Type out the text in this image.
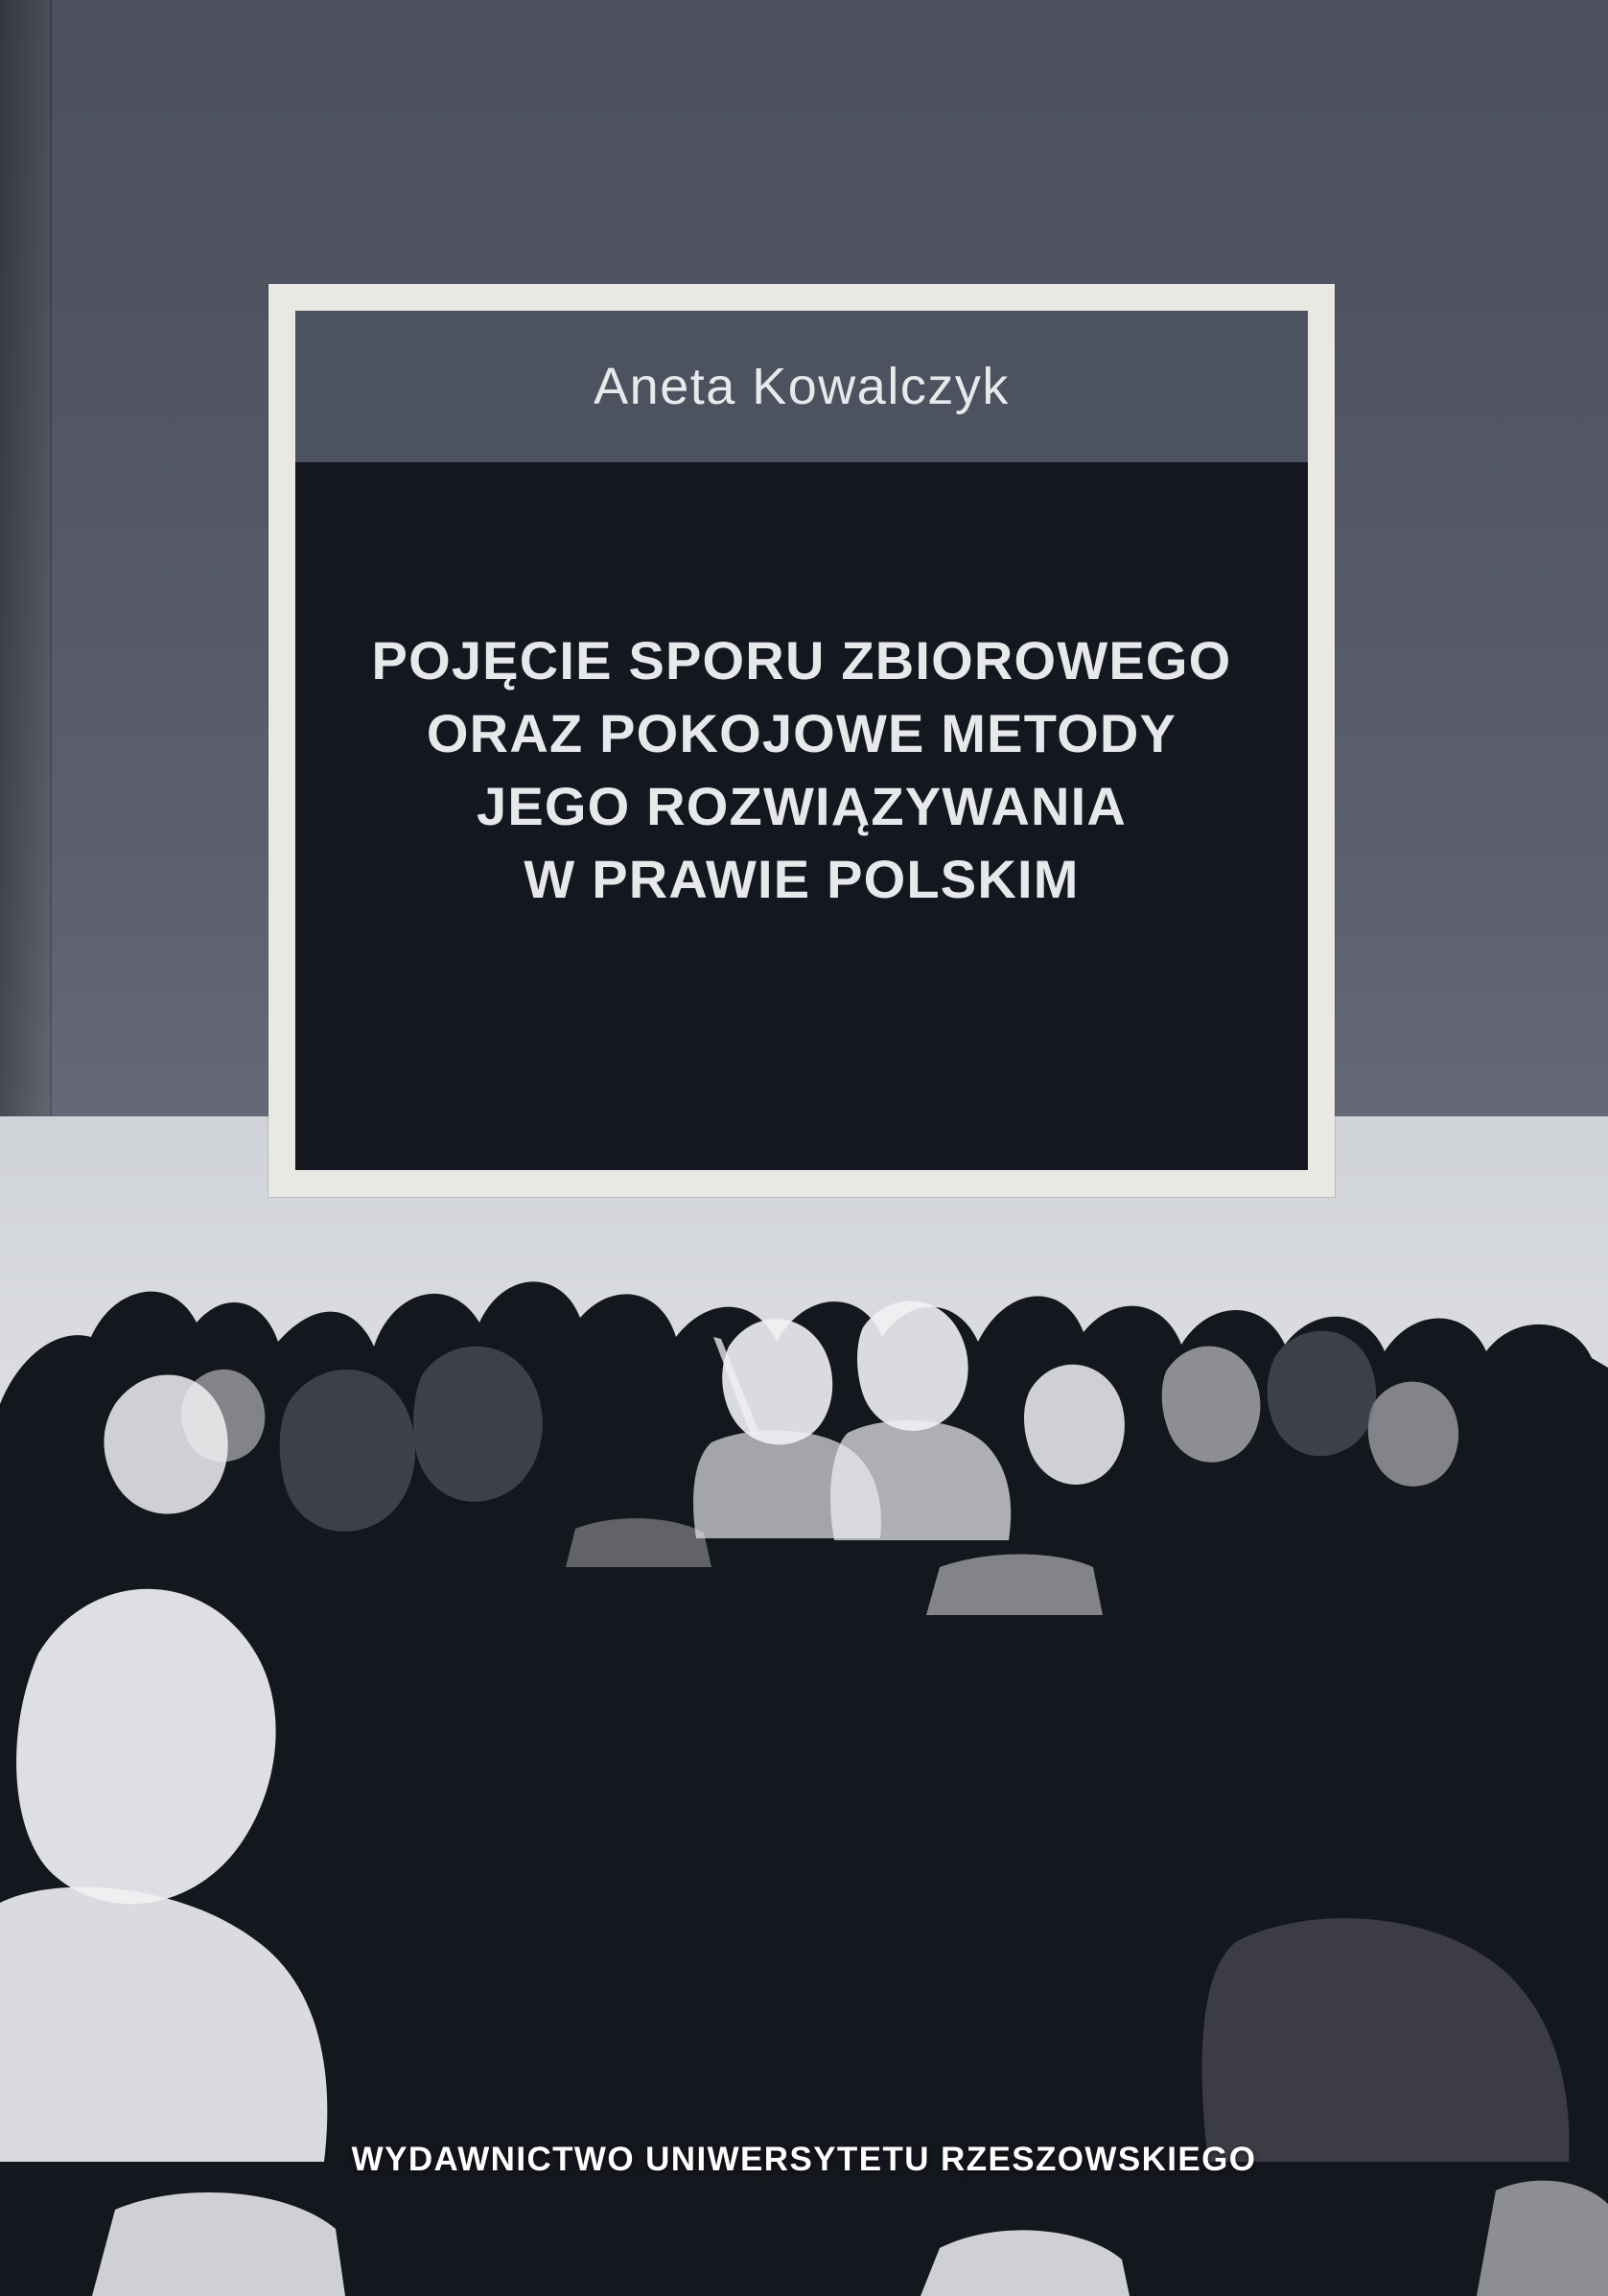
WYDAWNICTWO UNIWERSYTETU RZESZOWSKIEGO
Aneta Kowalczyk
POJĘCIE SPORU ZBIOROWEGO
ORAZ POKOJOWE METODY
JEGO ROZWIĄZYWANIA
W PRAWIE POLSKIM
